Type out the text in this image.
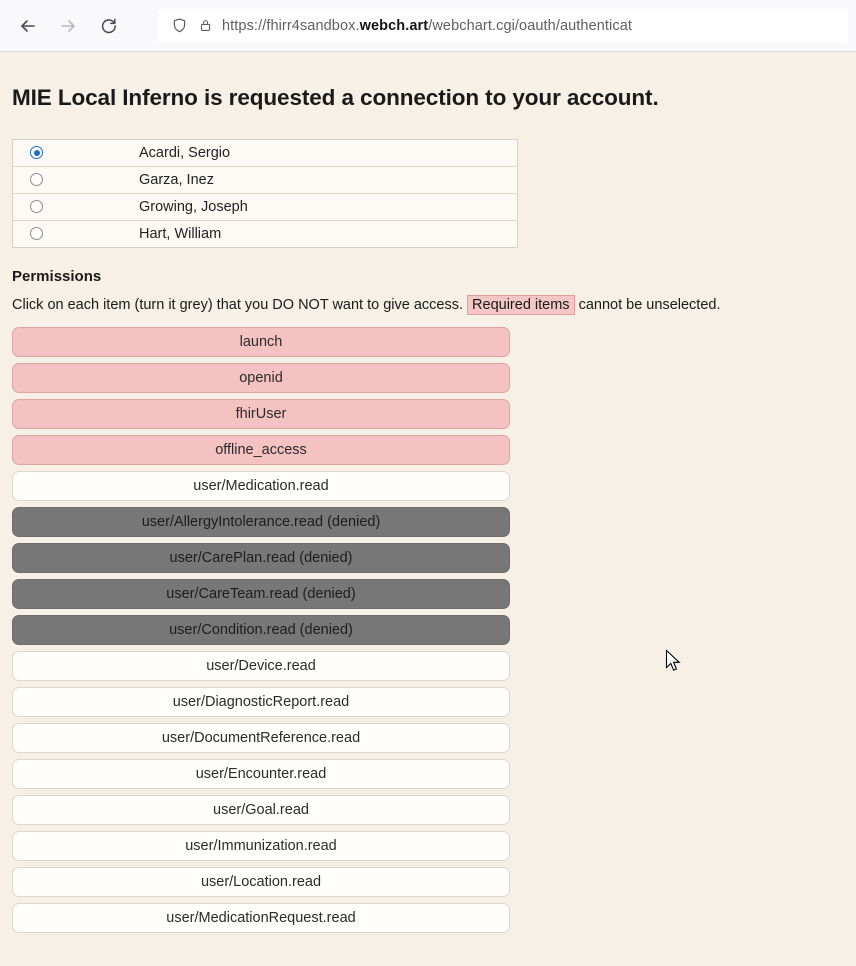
https://fhirr4sandbox.webch.art/webchart.cgi/oauth/authenticat
MIE Local Inferno is requested a connection to your account.
	Acardi, Sergio
	Garza, Inez
	Growing, Joseph
	Hart, William
Permissions
Click on each item (turn it grey) that you DO NOT want to give access. Required items cannot be unselected.
launch
openid
fhirUser
offline_access
user/Medication.read
user/AllergyIntolerance.read (denied)
user/CarePlan.read (denied)
user/CareTeam.read (denied)
user/Condition.read (denied)
user/Device.read
user/DiagnosticReport.read
user/DocumentReference.read
user/Encounter.read
user/Goal.read
user/Immunization.read
user/Location.read
user/MedicationRequest.read
